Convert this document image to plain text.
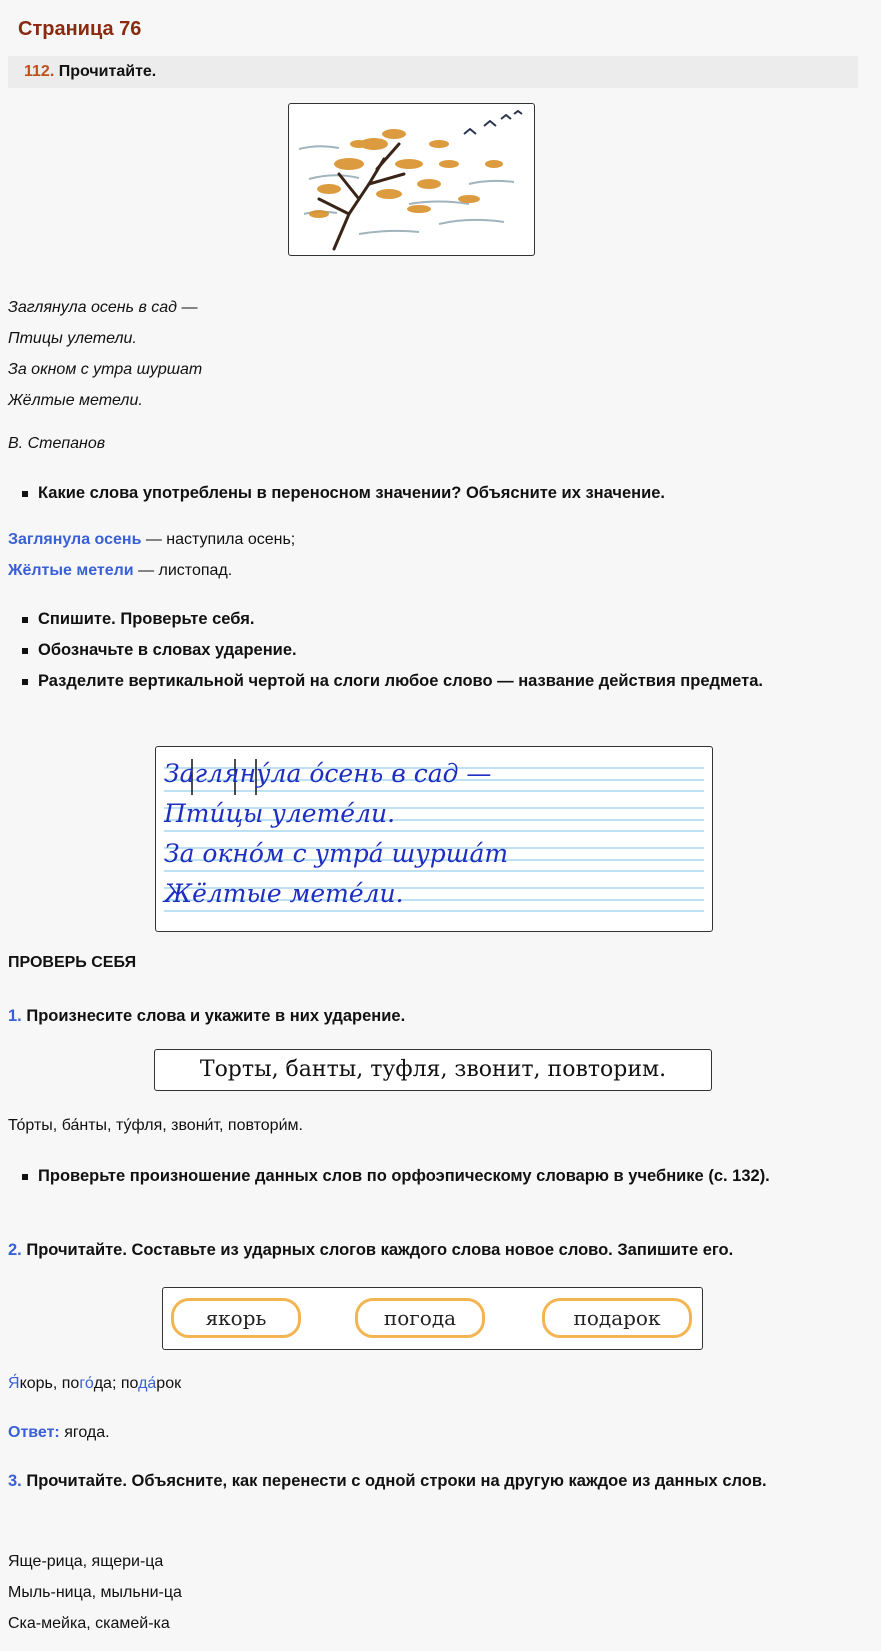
Страница 76
112. Прочитайте.
Заглянула осень в сад —
Птицы улетели.
За окном с утра шуршат
Жёлтые метели.
В. Степанов
Какие слова употреблены в переносном значении? Объясните их значение.
Заглянула осень — наступила осень;
Жёлтые метели — листопад.
Спишите. Проверьте себя.
Обозначьте в словах ударение.
Разделите вертикальной чертой на слоги любое слово — название действия предмета.
Загляну́ла о́сень в сад —
Пти́цы улете́ли.
За окно́м с утра́ шурша́т
Жёлтые мете́ли.
ПРОВЕРЬ СЕБЯ
1. Произнесите слова и укажите в них ударение.
Торты, банты, туфля, звонит, повторим.
То́рты, ба́нты, ту́фля, звони́т, повтори́м.
Проверьте произношение данных слов по орфоэпическому словарю в учебнике (с. 132).
2. Прочитайте. Составьте из ударных слогов каждого слова новое слово. Запишите его.
якорь	погода	подарок
Я́корь, пого́да; пода́рок
Ответ: ягода.
3. Прочитайте. Объясните, как перенести с одной строки на другую каждое из данных слов.
Яще-рица, ящери-ца
Мыль-ница, мыльни-ца
Ска-мейка, скамей-ка
